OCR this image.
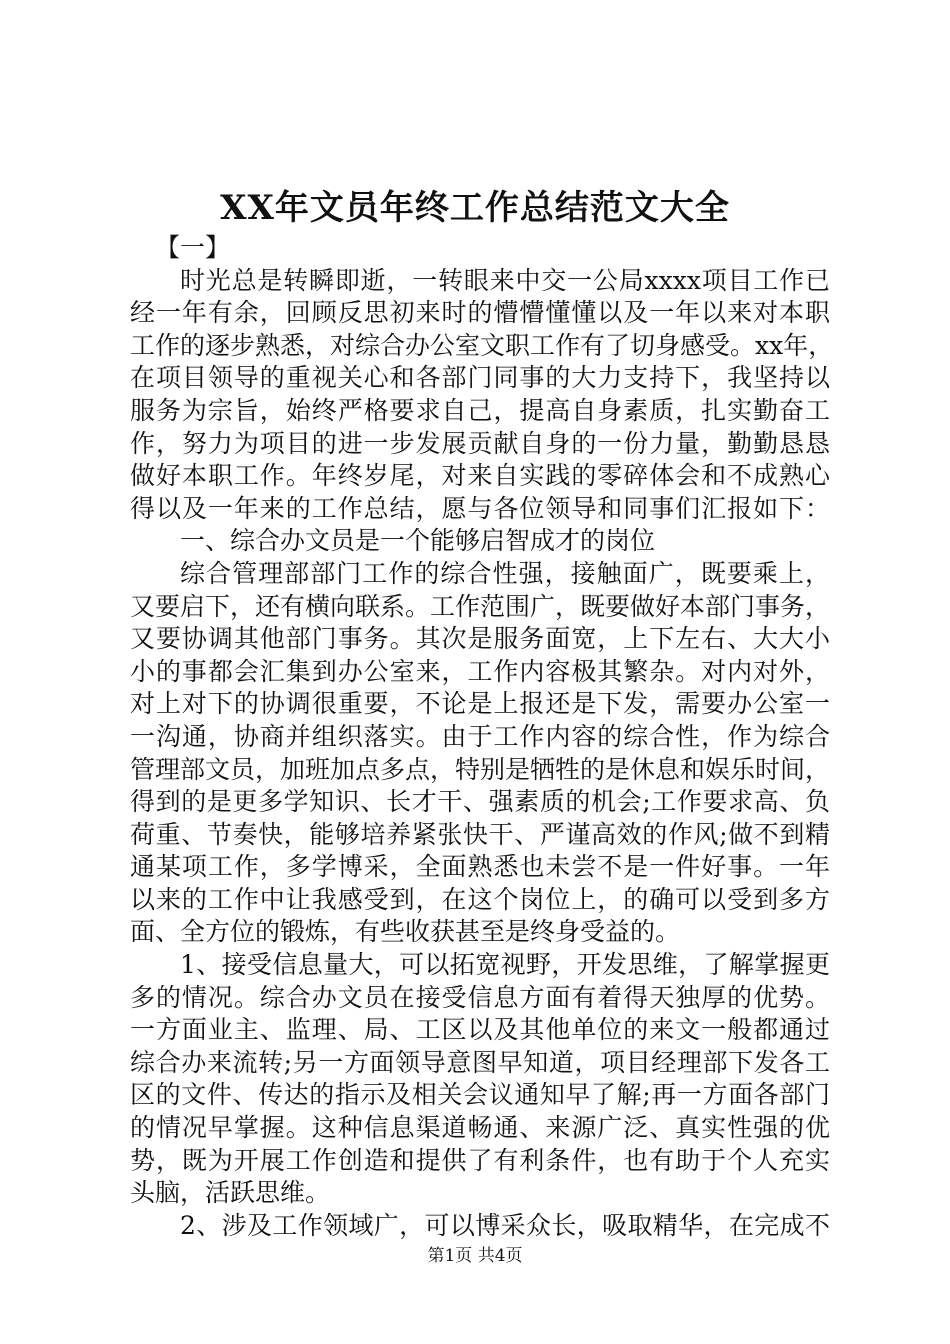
XX年文员年终工作总结范文大全
【一】
时光总是转瞬即逝，一转眼来中交一公局xxxx项目工作已
经一年有余，回顾反思初来时的懵懵懂懂以及一年以来对本职
工作的逐步熟悉，对综合办公室文职工作有了切身感受。xx年，
在项目领导的重视关心和各部门同事的大力支持下，我坚持以
服务为宗旨，始终严格要求自己，提高自身素质，扎实勤奋工
作，努力为项目的进一步发展贡献自身的一份力量，勤勤恳恳
做好本职工作。年终岁尾，对来自实践的零碎体会和不成熟心
得以及一年来的工作总结，愿与各位领导和同事们汇报如下：
一、综合办文员是一个能够启智成才的岗位
综合管理部部门工作的综合性强，接触面广，既要乘上，
又要启下，还有横向联系。工作范围广，既要做好本部门事务，
又要协调其他部门事务。其次是服务面宽，上下左右、大大小
小的事都会汇集到办公室来，工作内容极其繁杂。对内对外，
对上对下的协调很重要，不论是上报还是下发，需要办公室一
一沟通，协商并组织落实。由于工作内容的综合性，作为综合
管理部文员，加班加点多点，特别是牺牲的是休息和娱乐时间，
得到的是更多学知识、长才干、强素质的机会;工作要求高、负
荷重、节奏快，能够培养紧张快干、严谨高效的作风;做不到精
通某项工作，多学博采，全面熟悉也未尝不是一件好事。一年
以来的工作中让我感受到，在这个岗位上，的确可以受到多方
面、全方位的锻炼，有些收获甚至是终身受益的。
1、接受信息量大，可以拓宽视野，开发思维，了解掌握更
多的情况。综合办文员在接受信息方面有着得天独厚的优势。
一方面业主、监理、局、工区以及其他单位的来文一般都通过
综合办来流转;另一方面领导意图早知道，项目经理部下发各工
区的文件、传达的指示及相关会议通知早了解;再一方面各部门
的情况早掌握。这种信息渠道畅通、来源广泛、真实性强的优
势，既为开展工作创造和提供了有利条件，也有助于个人充实
头脑，活跃思维。
2、涉及工作领域广，可以博采众长，吸取精华，在完成不
第1页 共4页
